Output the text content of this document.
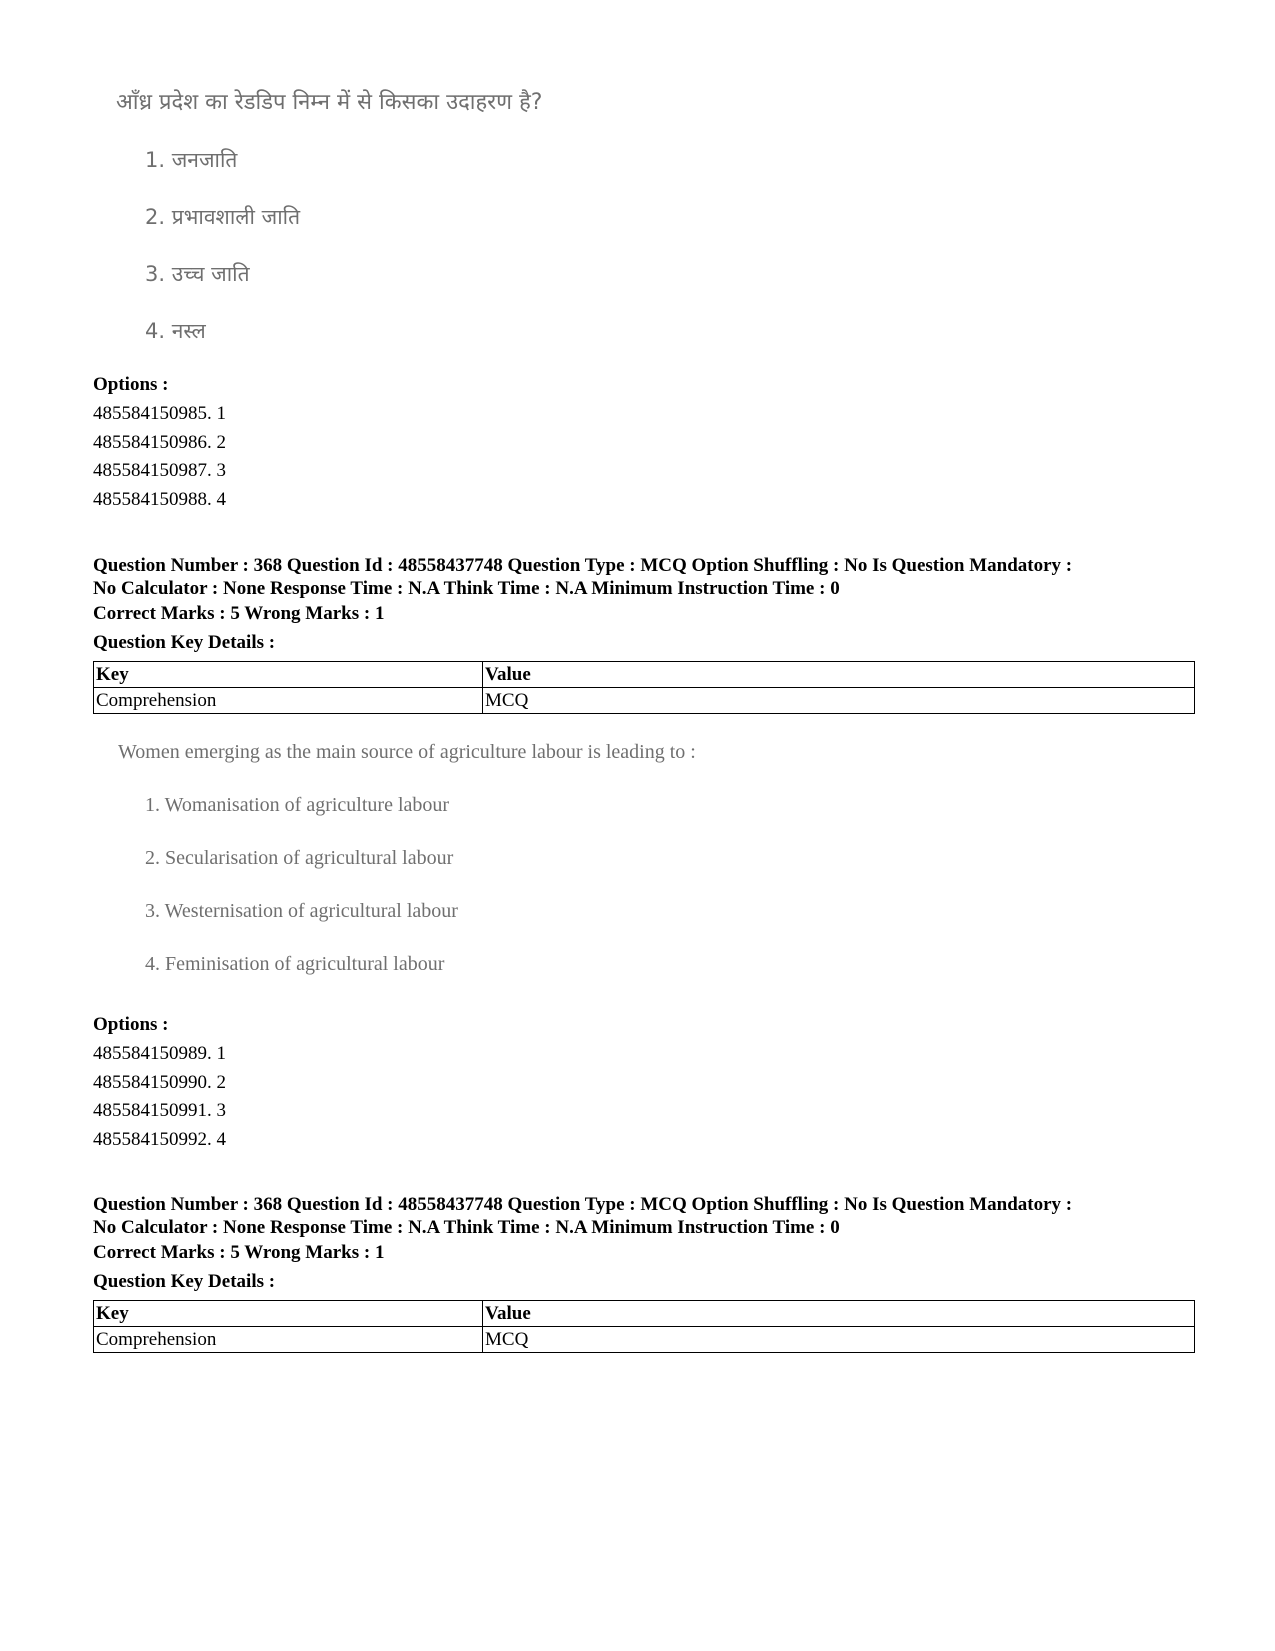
आँध्र प्रदेश का रेडडिप निम्न में से किसका उदाहरण है?
1. जनजाति
2. प्रभावशाली जाति
3. उच्च जाति
4. नस्ल
Options :
485584150985. 1
485584150986. 2
485584150987. 3
485584150988. 4
Question Number : 368 Question Id : 48558437748 Question Type : MCQ Option Shuffling : No Is Question Mandatory :
No Calculator : None Response Time : N.A Think Time : N.A Minimum Instruction Time : 0
Correct Marks : 5 Wrong Marks : 1
Question Key Details :
Key	Value
Comprehension	MCQ
Women emerging as the main source of agriculture labour is leading to :
1. Womanisation of agriculture labour
2. Secularisation of agricultural labour
3. Westernisation of agricultural labour
4. Feminisation of agricultural labour
Options :
485584150989. 1
485584150990. 2
485584150991. 3
485584150992. 4
Question Number : 368 Question Id : 48558437748 Question Type : MCQ Option Shuffling : No Is Question Mandatory :
No Calculator : None Response Time : N.A Think Time : N.A Minimum Instruction Time : 0
Correct Marks : 5 Wrong Marks : 1
Question Key Details :
Key	Value
Comprehension	MCQ
